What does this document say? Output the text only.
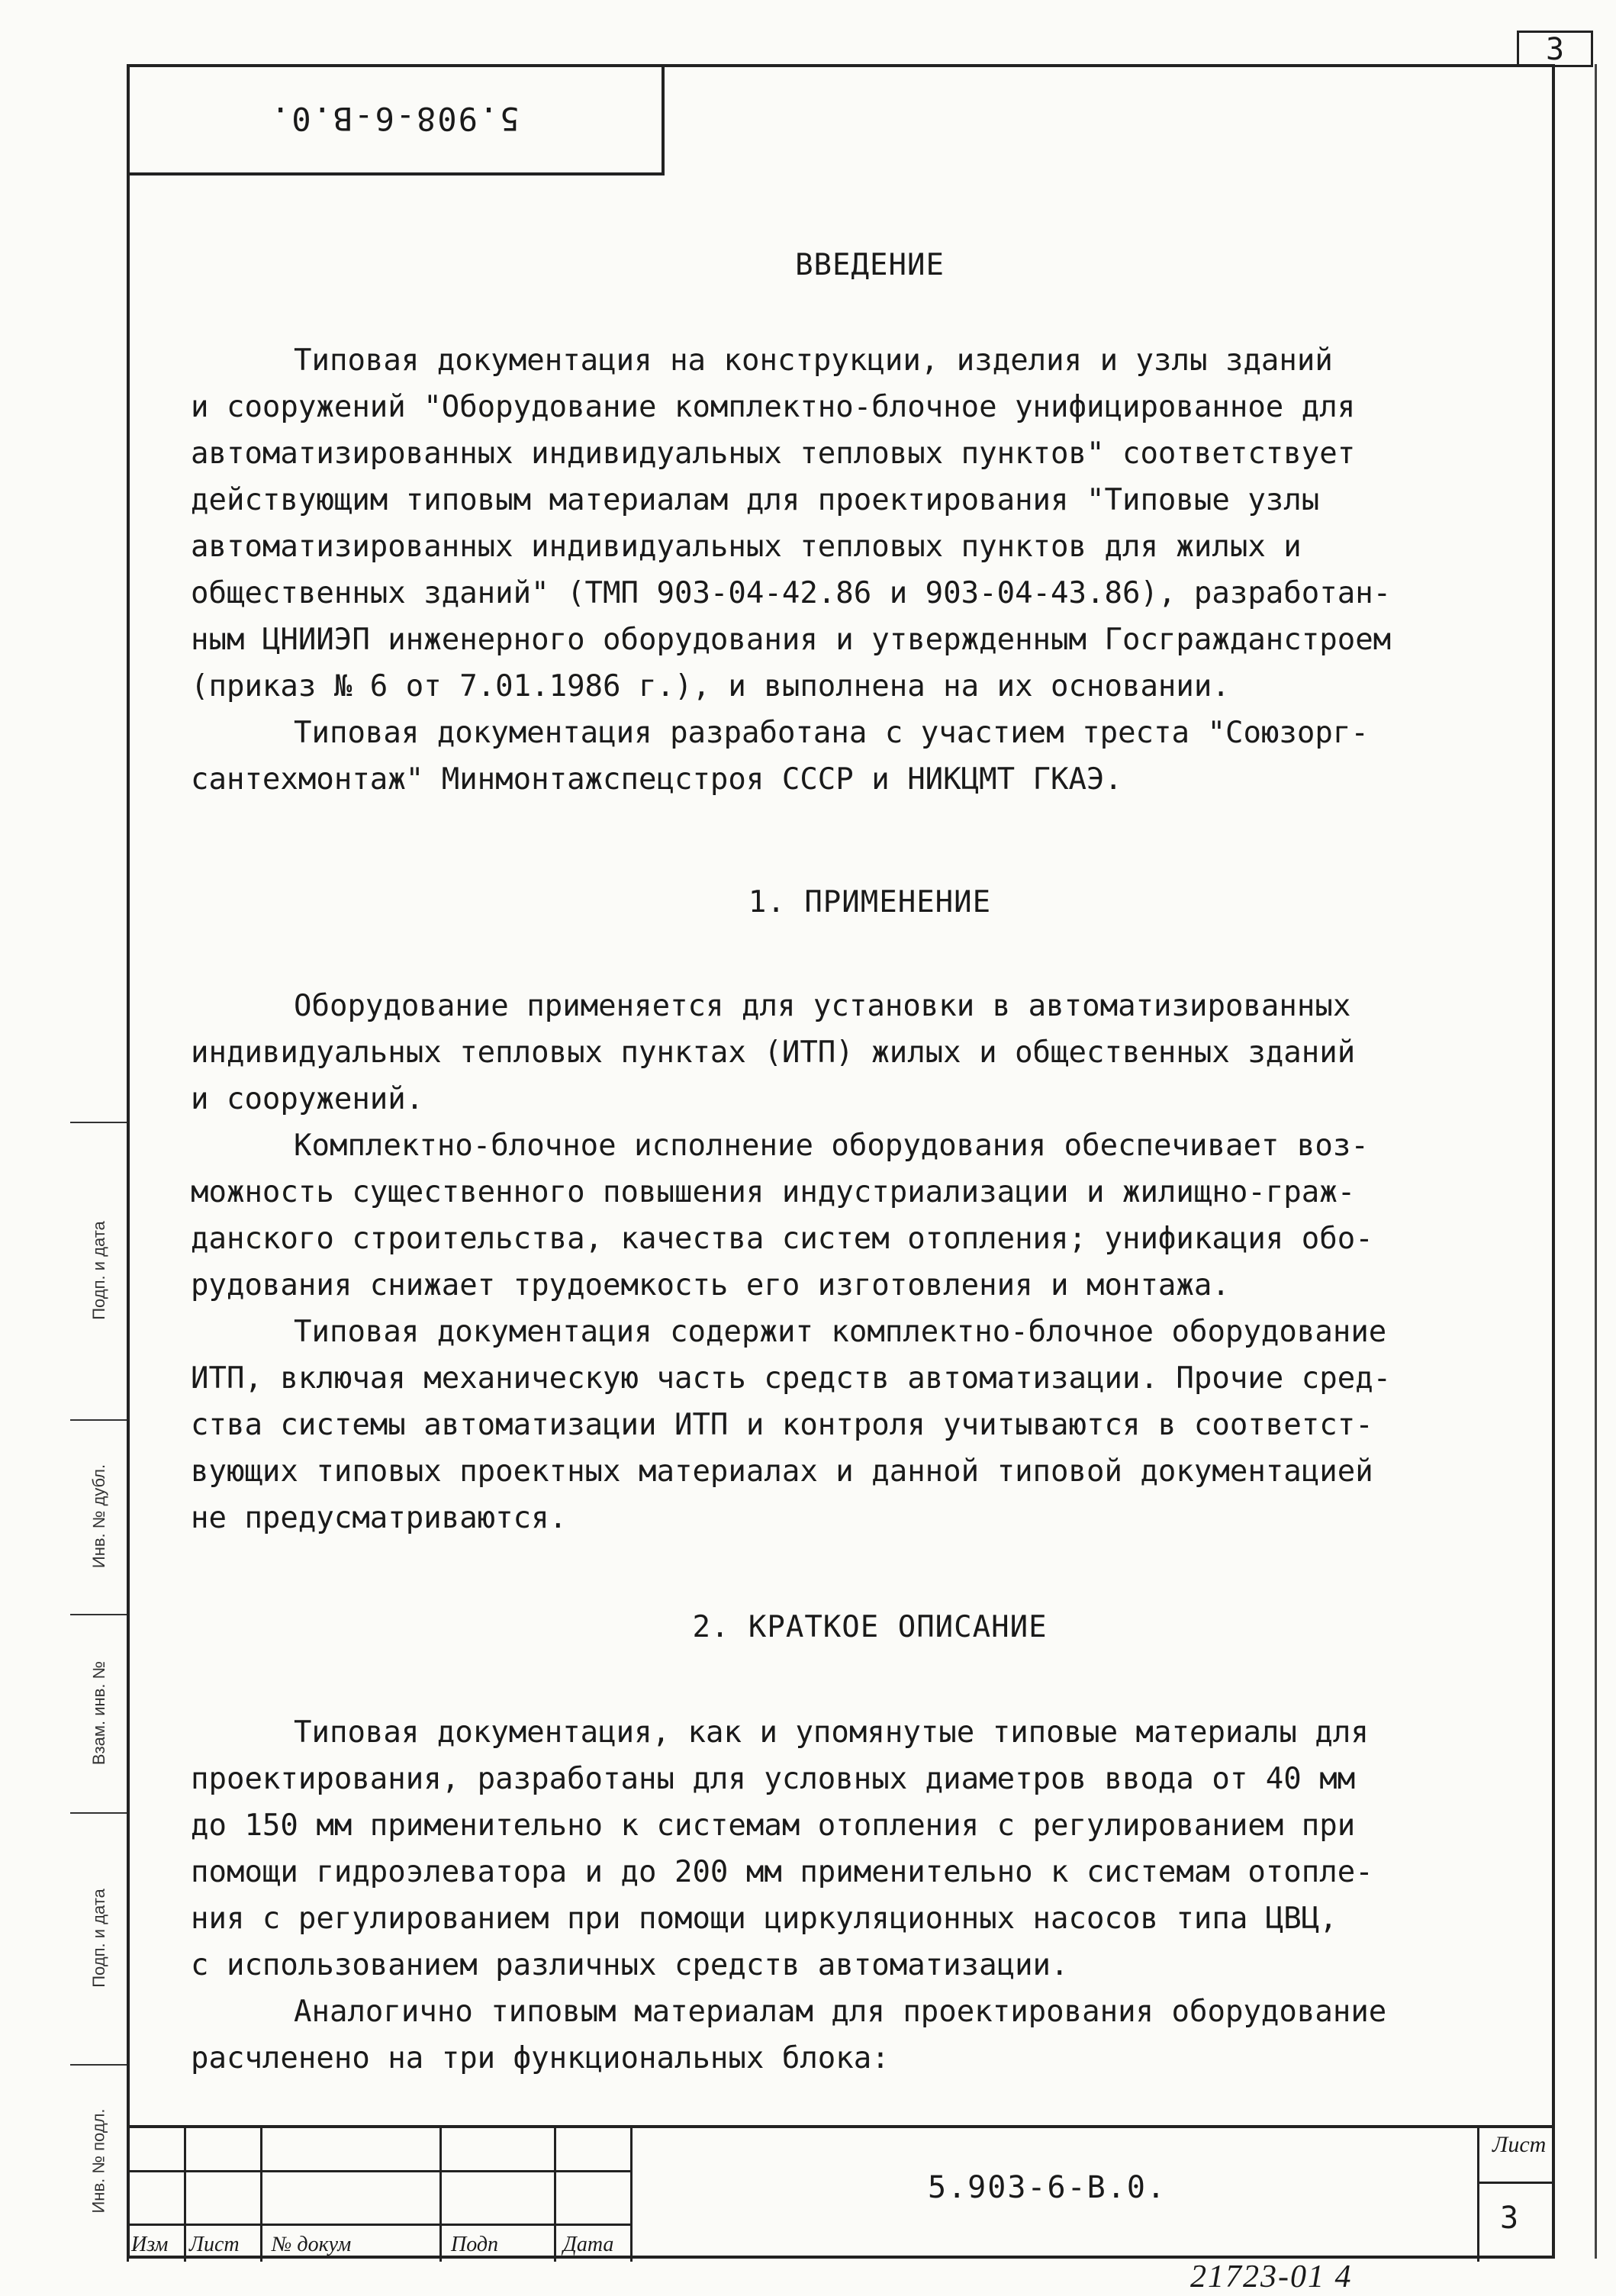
3
5.908-6-B.0.
ВВЕДЕНИЕ

Типовая документация на конструкции, изделия и узлы зданий
и сооружений "Оборудование комплектно-блочное унифицированное для
автоматизированных индивидуальных тепловых пунктов" соответствует
действующим типовым материалам для проектирования "Типовые узлы
автоматизированных индивидуальных тепловых пунктов для жилых и
общественных зданий" (ТМП 903-04-42.86 и 903-04-43.86), разработан-
ным ЦНИИЭП инженерного оборудования и утвержденным Госгражданстроем
(приказ № 6 от 7.01.1986 г.), и выполнена на их основании.

Типовая документация разработана с участием треста "Союзорг-
сантехмонтаж" Минмонтажспецстроя СССР и НИКЦМТ ГКАЭ.

1. ПРИМЕНЕНИЕ

Оборудование применяется для установки в автоматизированных
индивидуальных тепловых пунктах (ИТП) жилых и общественных зданий
и сооружений.

Комплектно-блочное исполнение оборудования обеспечивает воз-
можность существенного повышения индустриализации и жилищно-граж-
данского строительства, качества систем отопления; унификация обо-
рудования снижает трудоемкость его изготовления и монтажа.

Типовая документация содержит комплектно-блочное оборудование
ИТП, включая механическую часть средств автоматизации. Прочие сред-
ства системы автоматизации ИТП и контроля учитываются в соответст-
вующих типовых проектных материалах и данной типовой документацией
не предусматриваются.

2. КРАТКОЕ ОПИСАНИЕ

Типовая документация, как и упомянутые типовые материалы для
проектирования, разработаны для условных диаметров ввода от 40 мм
до 150 мм применительно к системам отопления с регулированием при
помощи гидроэлеватора и до 200 мм применительно к системам отопле-
ния с регулированием при помощи циркуляционных насосов типа ЦВЦ,
с использованием различных средств автоматизации.

Аналогично типовым материалам для проектирования оборудование
расчленено на три функциональных блока:

Подп. и дата
Инв. № дубл.
Взам. инв. №
Подп. и дата
Инв. № подл.
Изм Лист № докум	Подп	Дата
5.903-6-B.0.
Лист
3
21723-01 4
